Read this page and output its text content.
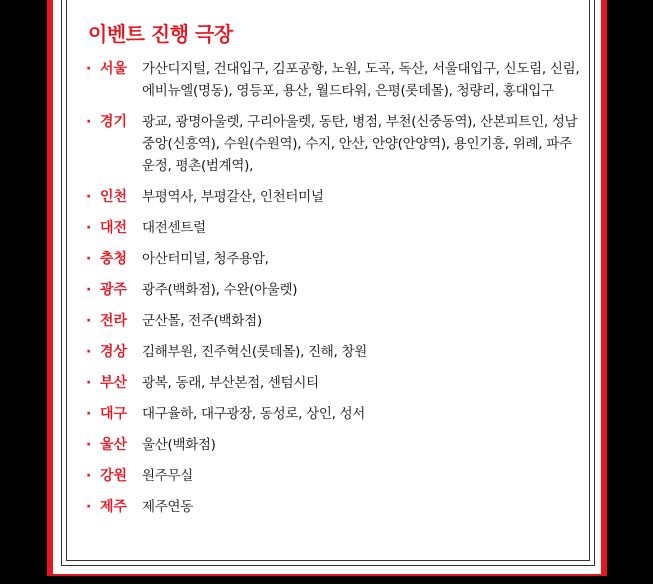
이벤트 진행 극장
· 서울	가산디지털, 건대입구, 김포공항, 노원, 도곡, 독산, 서울대입구, 신도림, 신림, 에비뉴엘(명동), 영등포, 용산, 월드타워, 은평(롯데몰), 청량리, 홍대입구
· 경기	광교, 광명아울렛, 구리아울렛, 동탄, 병점, 부천(신중동역), 산본피트인, 성남중앙(신흥역), 수원(수원역), 수지, 안산, 안양(안양역), 용인기흥, 위례, 파주운정, 평촌(범계역),
· 인천	부평역사, 부평갈산, 인천터미널
· 대전	대전센트럴
· 충청	아산터미널, 청주용암,
· 광주	광주(백화점), 수완(아울렛)
· 전라	군산몰, 전주(백화점)
· 경상	김해부원, 진주혁신(롯데몰), 진해, 창원
· 부산	광복, 동래, 부산본점, 센텀시티
· 대구	대구율하, 대구광장, 동성로, 상인, 성서
· 울산	울산(백화점)
· 강원	원주무실
· 제주	제주연동
